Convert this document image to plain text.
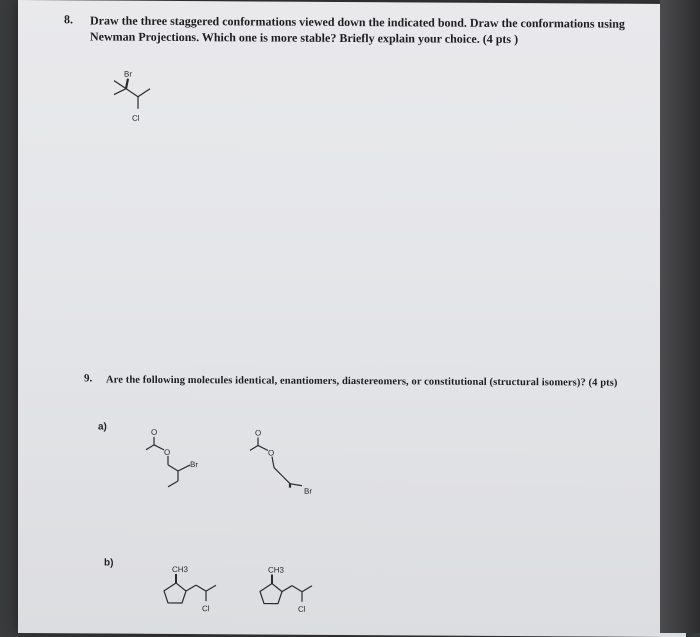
8. Draw the three staggered conformations viewed down the indicated bond. Draw the conformations using Newman Projections. Which one is more stable? Briefly explain your choice. (4 pts )
Br
Cl
9. Are the following molecules identical, enantiomers, diastereomers, or constitutional (structural isomers)? (4 pts)
a)	O
O
Br
O
O
Br
b)
CH3
Cl
CH3
Cl
